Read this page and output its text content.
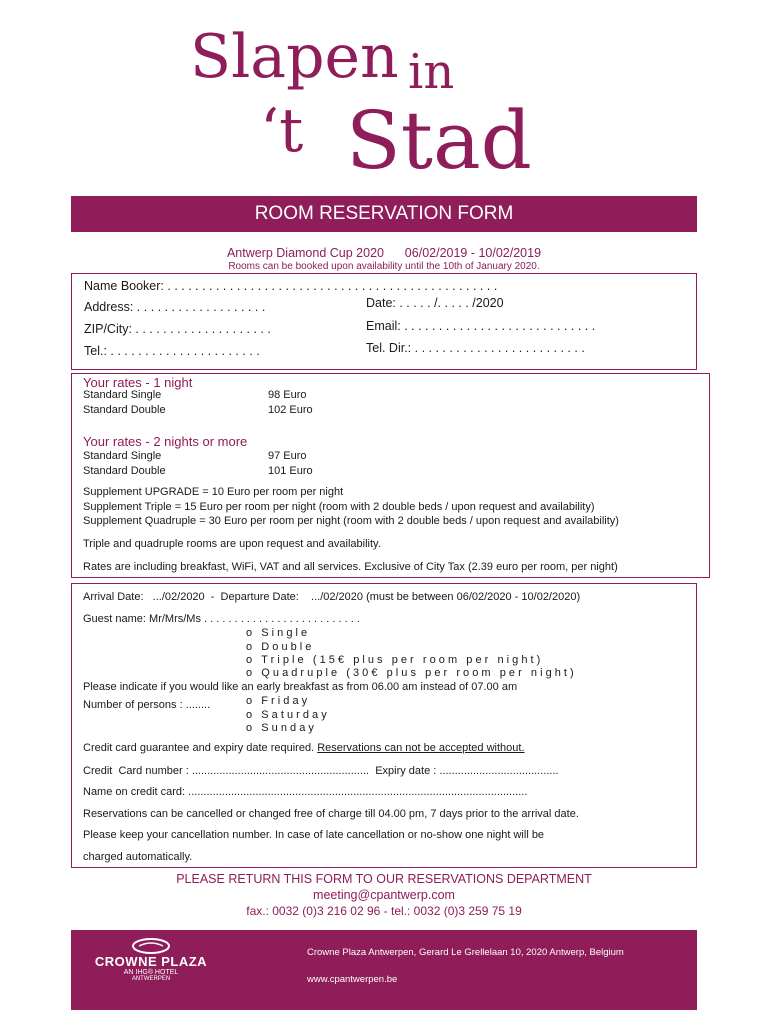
Slapen in
‘t Stad
ROOM RESERVATION FORM
Antwerp Diamond Cup 2020      06/02/2019 - 10/02/2019
Rooms can be booked upon availability until the 10th of January 2020.
Name Booker: . . . . . . . . . . . . . . . . . . . . . . . . . . . . . . . . . . . . . . . . . . . . . . . .
Address: . . . . . . . . . . . . . . . . . . .	Date: . . . . . /. . . . . /2020
ZIP/City: . . . . . . . . . . . . . . . . . . . .	Email: . . . . . . . . . . . . . . . . . . . . . . . . . . . .
Tel.: . . . . . . . . . . . . . . . . . . . . . .	Tel. Dir.: . . . . . . . . . . . . . . . . . . . . . . . . .
Your rates - 1 night
Standard Single	98 Euro
Standard Double	102 Euro
Your rates - 2 nights or more
Standard Single	97 Euro
Standard Double	101 Euro
Supplement UPGRADE = 10 Euro per room per night
Supplement Triple = 15 Euro per room per night (room with 2 double beds / upon request and availability)
Supplement Quadruple = 30 Euro per room per night (room with 2 double beds / upon request and availability)
Triple and quadruple rooms are upon request and availability.
Rates are including breakfast, WiFi, VAT and all services. Exclusive of City Tax (2.39 euro per room, per night)
Arrival Date:   .../02/2020  -  Departure Date:    .../02/2020 (must be between 06/02/2020 - 10/02/2020)
Guest name: Mr/Mrs/Ms . . . . . . . . . . . . . . . . . . . . . . . . . .
o   S i n g l e
o   D o u b l e
o   T r i p l e   ( 1 5 €   p l u s   p e r   r o o m   p e r   n i g h t )
o   Q u a d r u p l e   ( 3 0 €   p l u s   p e r   r o o m   p e r   n i g h t )
Please indicate if you would like an early breakfast as from 06.00 am instead of 07.00 am
Number of persons : ........	o   F r i d a y
o   S a t u r d a y
o   S u n d a y
Credit card guarantee and expiry date required. Reservations can not be accepted without.
Credit  Card number : ..........................................................  Expiry date : .......................................
Name on credit card: ...............................................................................................................
Reservations can be cancelled or changed free of charge till 04.00 pm, 7 days prior to the arrival date.
Please keep your cancellation number. In case of late cancellation or no-show one night will be
charged automatically.
PLEASE RETURN THIS FORM TO OUR RESERVATIONS DEPARTMENT
meeting@cpantwerp.com
fax.: 0032 (0)3 216 02 96 - tel.: 0032 (0)3 259 75 19
CROWNE PLAZA
AN IHG® HOTEL
ANTWERPEN
Crowne Plaza Antwerpen, Gerard Le Grellelaan 10, 2020 Antwerp, Belgium
www.cpantwerpen.be
